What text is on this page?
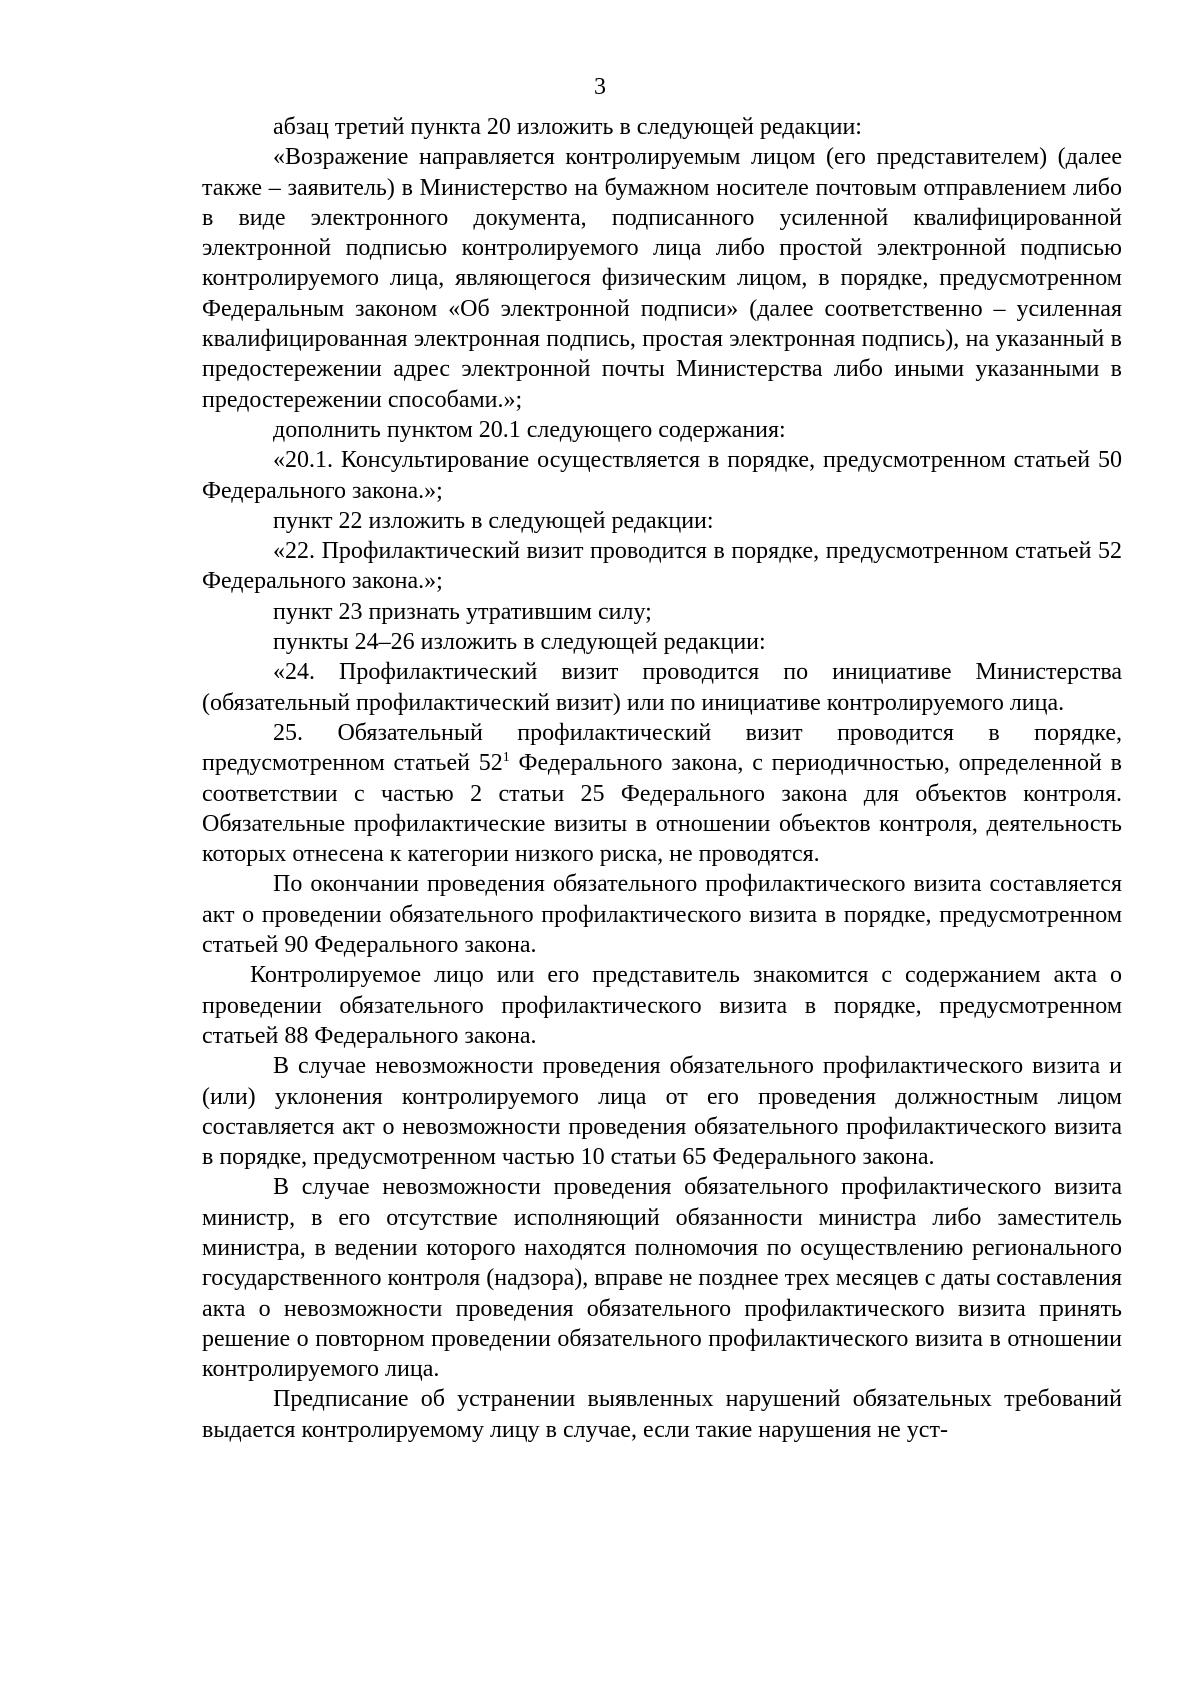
3

абзац третий пункта 20 изложить в следующей редакции:

«Возражение направляется контролируемым лицом (его представителем) (далее также – заявитель) в Министерство на бумажном носителе почтовым отправлением либо в виде электронного документа, подписанного усиленной квалифицированной электронной подписью контролируемого лица либо простой электронной подписью контролируемого лица, являющегося физическим лицом, в порядке, предусмотренном Федеральным законом «Об электронной подписи» (далее соответственно – усиленная квалифицированная электронная подпись, простая электронная подпись), на указанный в предостережении адрес электронной почты Министерства либо иными указанными в предостережении способами.»;

дополнить пунктом 20.1 следующего содержания:

«20.1. Консультирование осуществляется в порядке, предусмотренном статьей 50 Федерального закона.»;

пункт 22 изложить в следующей редакции:

«22. Профилактический визит проводится в порядке, предусмотренном статьей 52 Федерального закона.»;

пункт 23 признать утратившим силу;

пункты 24–26 изложить в следующей редакции:

«24. Профилактический визит проводится по инициативе Министерства (обязательный профилактический визит) или по инициативе контролируемого лица.

25. Обязательный профилактический визит проводится в порядке, предусмотренном статьей $52^1$ Федерального закона, с периодичностью, определенной в соответствии с частью 2 статьи 25 Федерального закона для объектов контроля. Обязательные профилактические визиты в отношении объектов контроля, деятельность которых отнесена к категории низкого риска, не проводятся.

По окончании проведения обязательного профилактического визита составляется акт о проведении обязательного профилактического визита в порядке, предусмотренном статьей 90 Федерального закона.

Контролируемое лицо или его представитель знакомится с содержанием акта о проведении обязательного профилактического визита в порядке, предусмотренном статьей 88 Федерального закона.

В случае невозможности проведения обязательного профилактического визита и (или) уклонения контролируемого лица от его проведения должностным лицом составляется акт о невозможности проведения обязательного профилактического визита в порядке, предусмотренном частью 10 статьи 65 Федерального закона.

В случае невозможности проведения обязательного профилактического визита министр, в его отсутствие исполняющий обязанности министра либо заместитель министра, в ведении которого находятся полномочия по осуществлению регионального государственного контроля (надзора), вправе не позднее трех месяцев с даты составления акта о невозможности проведения обязательного профилактического визита принять решение о повторном проведении обязательного профилактического визита в отношении контролируемого лица.

Предписание об устранении выявленных нарушений обязательных требований выдается контролируемому лицу в случае, если такие нарушения не уст-
